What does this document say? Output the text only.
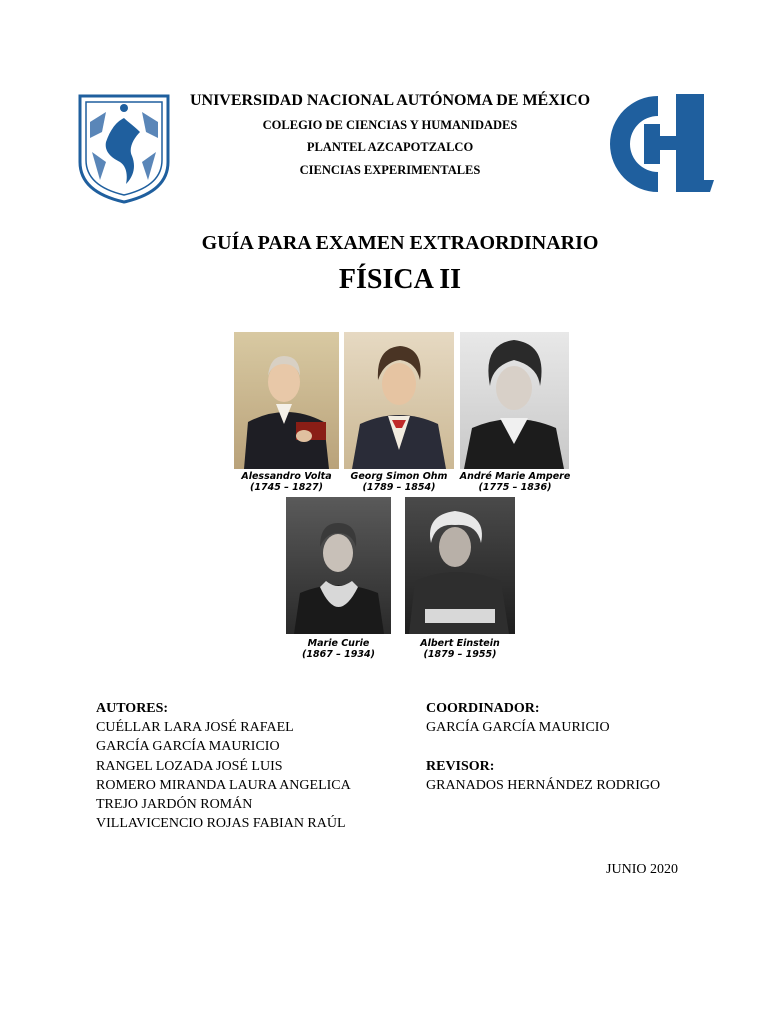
UNIVERSIDAD NACIONAL AUTÓNOMA DE MÉXICO
COLEGIO DE CIENCIAS Y HUMANIDADES
PLANTEL AZCAPOTZALCO
CIENCIAS EXPERIMENTALES
GUÍA PARA EXAMEN EXTRAORDINARIO
FÍSICA II
Alessandro Volta
(1745 – 1827)
Georg Simon Ohm
(1789 – 1854)
André Marie Ampere
(1775 – 1836)
Marie Curie
(1867 – 1934)
Albert Einstein
(1879 – 1955)
AUTORES:
CUÉLLAR LARA JOSÉ RAFAEL
GARCÍA GARCÍA MAURICIO
RANGEL LOZADA JOSÉ LUIS
ROMERO MIRANDA LAURA ANGELICA
TREJO JARDÓN ROMÁN
VILLAVICENCIO ROJAS FABIAN RAÚL
COORDINADOR:
GARCÍA GARCÍA MAURICIO
REVISOR:
GRANADOS HERNÁNDEZ RODRIGO
JUNIO 2020
